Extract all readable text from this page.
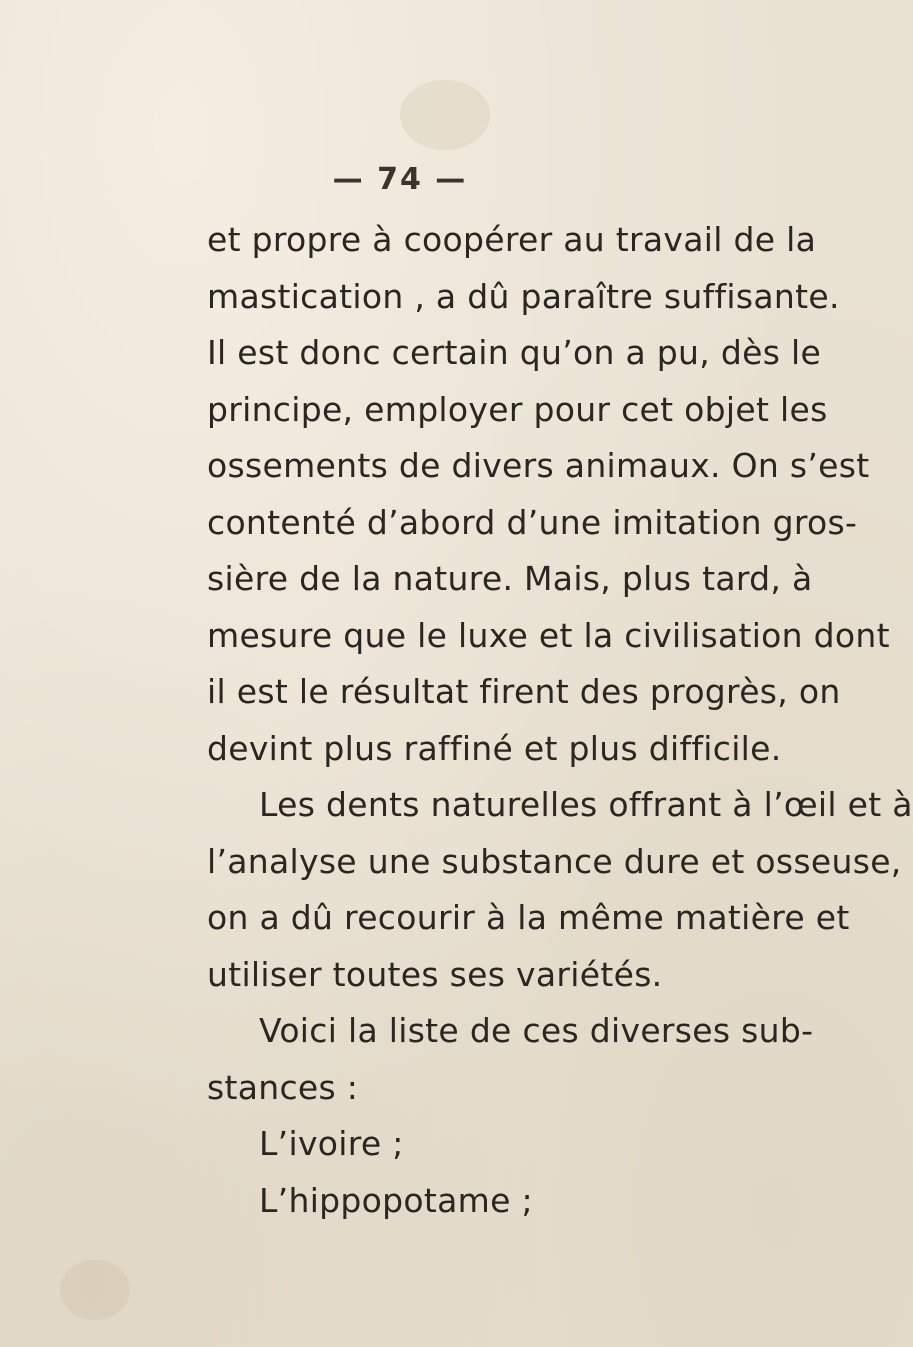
— 74 —
et propre à coopérer au travail de la
mastication , a dû paraître suffisante.
Il est donc certain qu’on a pu, dès le
principe, employer pour cet objet les
ossements de divers animaux. On s’est
contenté d’abord d’une imitation gros-
sière de la nature. Mais, plus tard, à
mesure que le luxe et la civilisation dont
il est le résultat firent des progrès, on
devint plus raffiné et plus difficile.
Les dents naturelles offrant à l’œil et à
l’analyse une substance dure et osseuse,
on a dû recourir à la même matière et
utiliser toutes ses variétés.
Voici la liste de ces diverses sub-
stances :
L’ivoire ;
L’hippopotame ;
